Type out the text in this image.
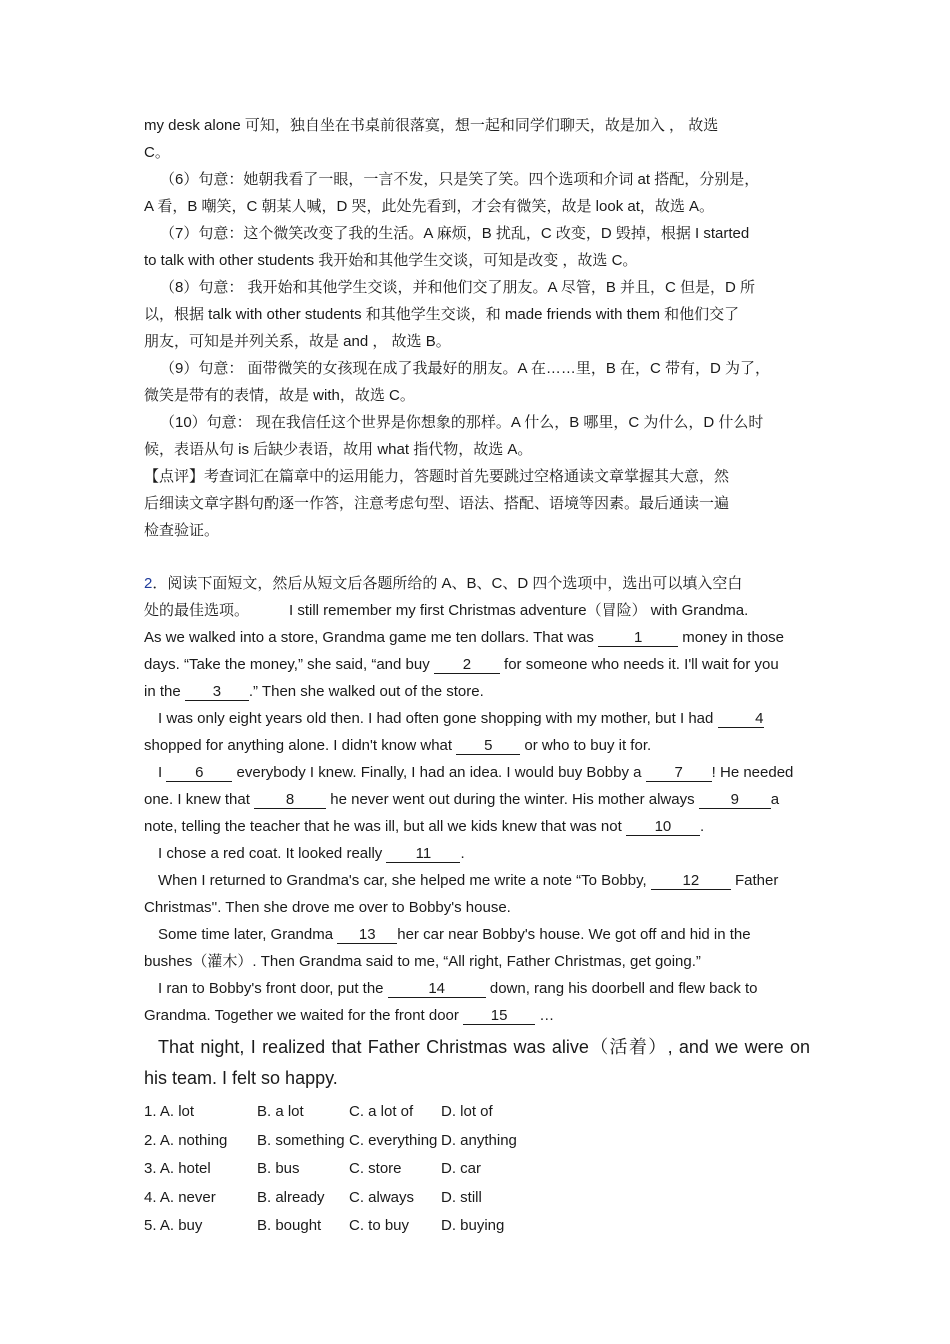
my desk alone 可知，独自坐在书桌前很落寞，想一起和同学们聊天，故是加入 ， 故选
C。

（6）句意：她朝我看了一眼，一言不发，只是笑了笑。四个选项和介词 at 搭配，分别是，
A 看，B 嘲笑，C 朝某人喊，D 哭，此处先看到，才会有微笑，故是 look at，故选 A。

（7）句意：这个微笑改变了我的生活。A 麻烦，B 扰乱，C 改变，D 毁掉，根据 I started
to talk with other students 我开始和其他学生交谈，可知是改变 ，故选 C。

（8）句意： 我开始和其他学生交谈，并和他们交了朋友。A 尽管，B 并且，C 但是，D 所
以，根据 talk with other students 和其他学生交谈，和 made friends with them 和他们交了
朋友，可知是并列关系，故是 and ， 故选 B。

（9）句意： 面带微笑的女孩现在成了我最好的朋友。A 在……里，B 在，C 带有，D 为了，
微笑是带有的表情，故是 with，故选 C。

（10）句意： 现在我信任这个世界是你想象的那样。A 什么，B 哪里，C 为什么，D 什么时
候，表语从句 is 后缺少表语，故用 what 指代物，故选 A。

【点评】考查词汇在篇章中的运用能力，答题时首先要跳过空格通读文章掌握其大意，然
后细读文章字斟句酌逐一作答，注意考虑句型、语法、搭配、语境等因素。最后通读一遍
检查验证。

2．阅读下面短文，然后从短文后各题所给的 A、B、C、D 四个选项中，选出可以填入空白
处的最佳选项。	I still remember my first Christmas adventure（冒险） with Grandma.
As we walked into a store, Grandma game me ten dollars. That was 1 money in those
days. “Take the money,” she said, “and buy 2 for someone who needs it. I'll wait for you
in the 3 .” Then she walked out of the store.

I was only eight years old then. I had often gone shopping with my mother, but I had	4
shopped for anything alone. I didn't know what 5 or who to buy it for.

I 6 everybody I knew. Finally, I had an idea. I would buy Bobby a 7 ! He needed
one. I knew that 8 he never went out during the winter. His mother always 9 a
note, telling the teacher that he was ill, but all we kids knew that was not 10 .

I chose a red coat. It looked really 11 .

When I returned to Grandma's car, she helped me write a note “To Bobby, 12 Father
Christmas''. Then she drove me over to Bobby's house.

Some time later, Grandma 13 her car near Bobby's house. We got off and hid in the
bushes（灌木）. Then Grandma said to me, “All right, Father Christmas, get going.”

I ran to Bobby's front door, put the	14	down, rang his doorbell and flew back to
Grandma. Together we waited for the front door 15 …

That night, I realized that Father Christmas was alive（活着）, and we were on his team. I felt so happy.

1. A. lot	B. a lot	C. a lot of	D. lot of
2. A. nothing	B. something C. everything D. anything
3. A. hotel	B. bus	C. store	D. car
4. A. never	B. already	C. always	D. still
5. A. buy	B. bought	C. to buy	D. buying
